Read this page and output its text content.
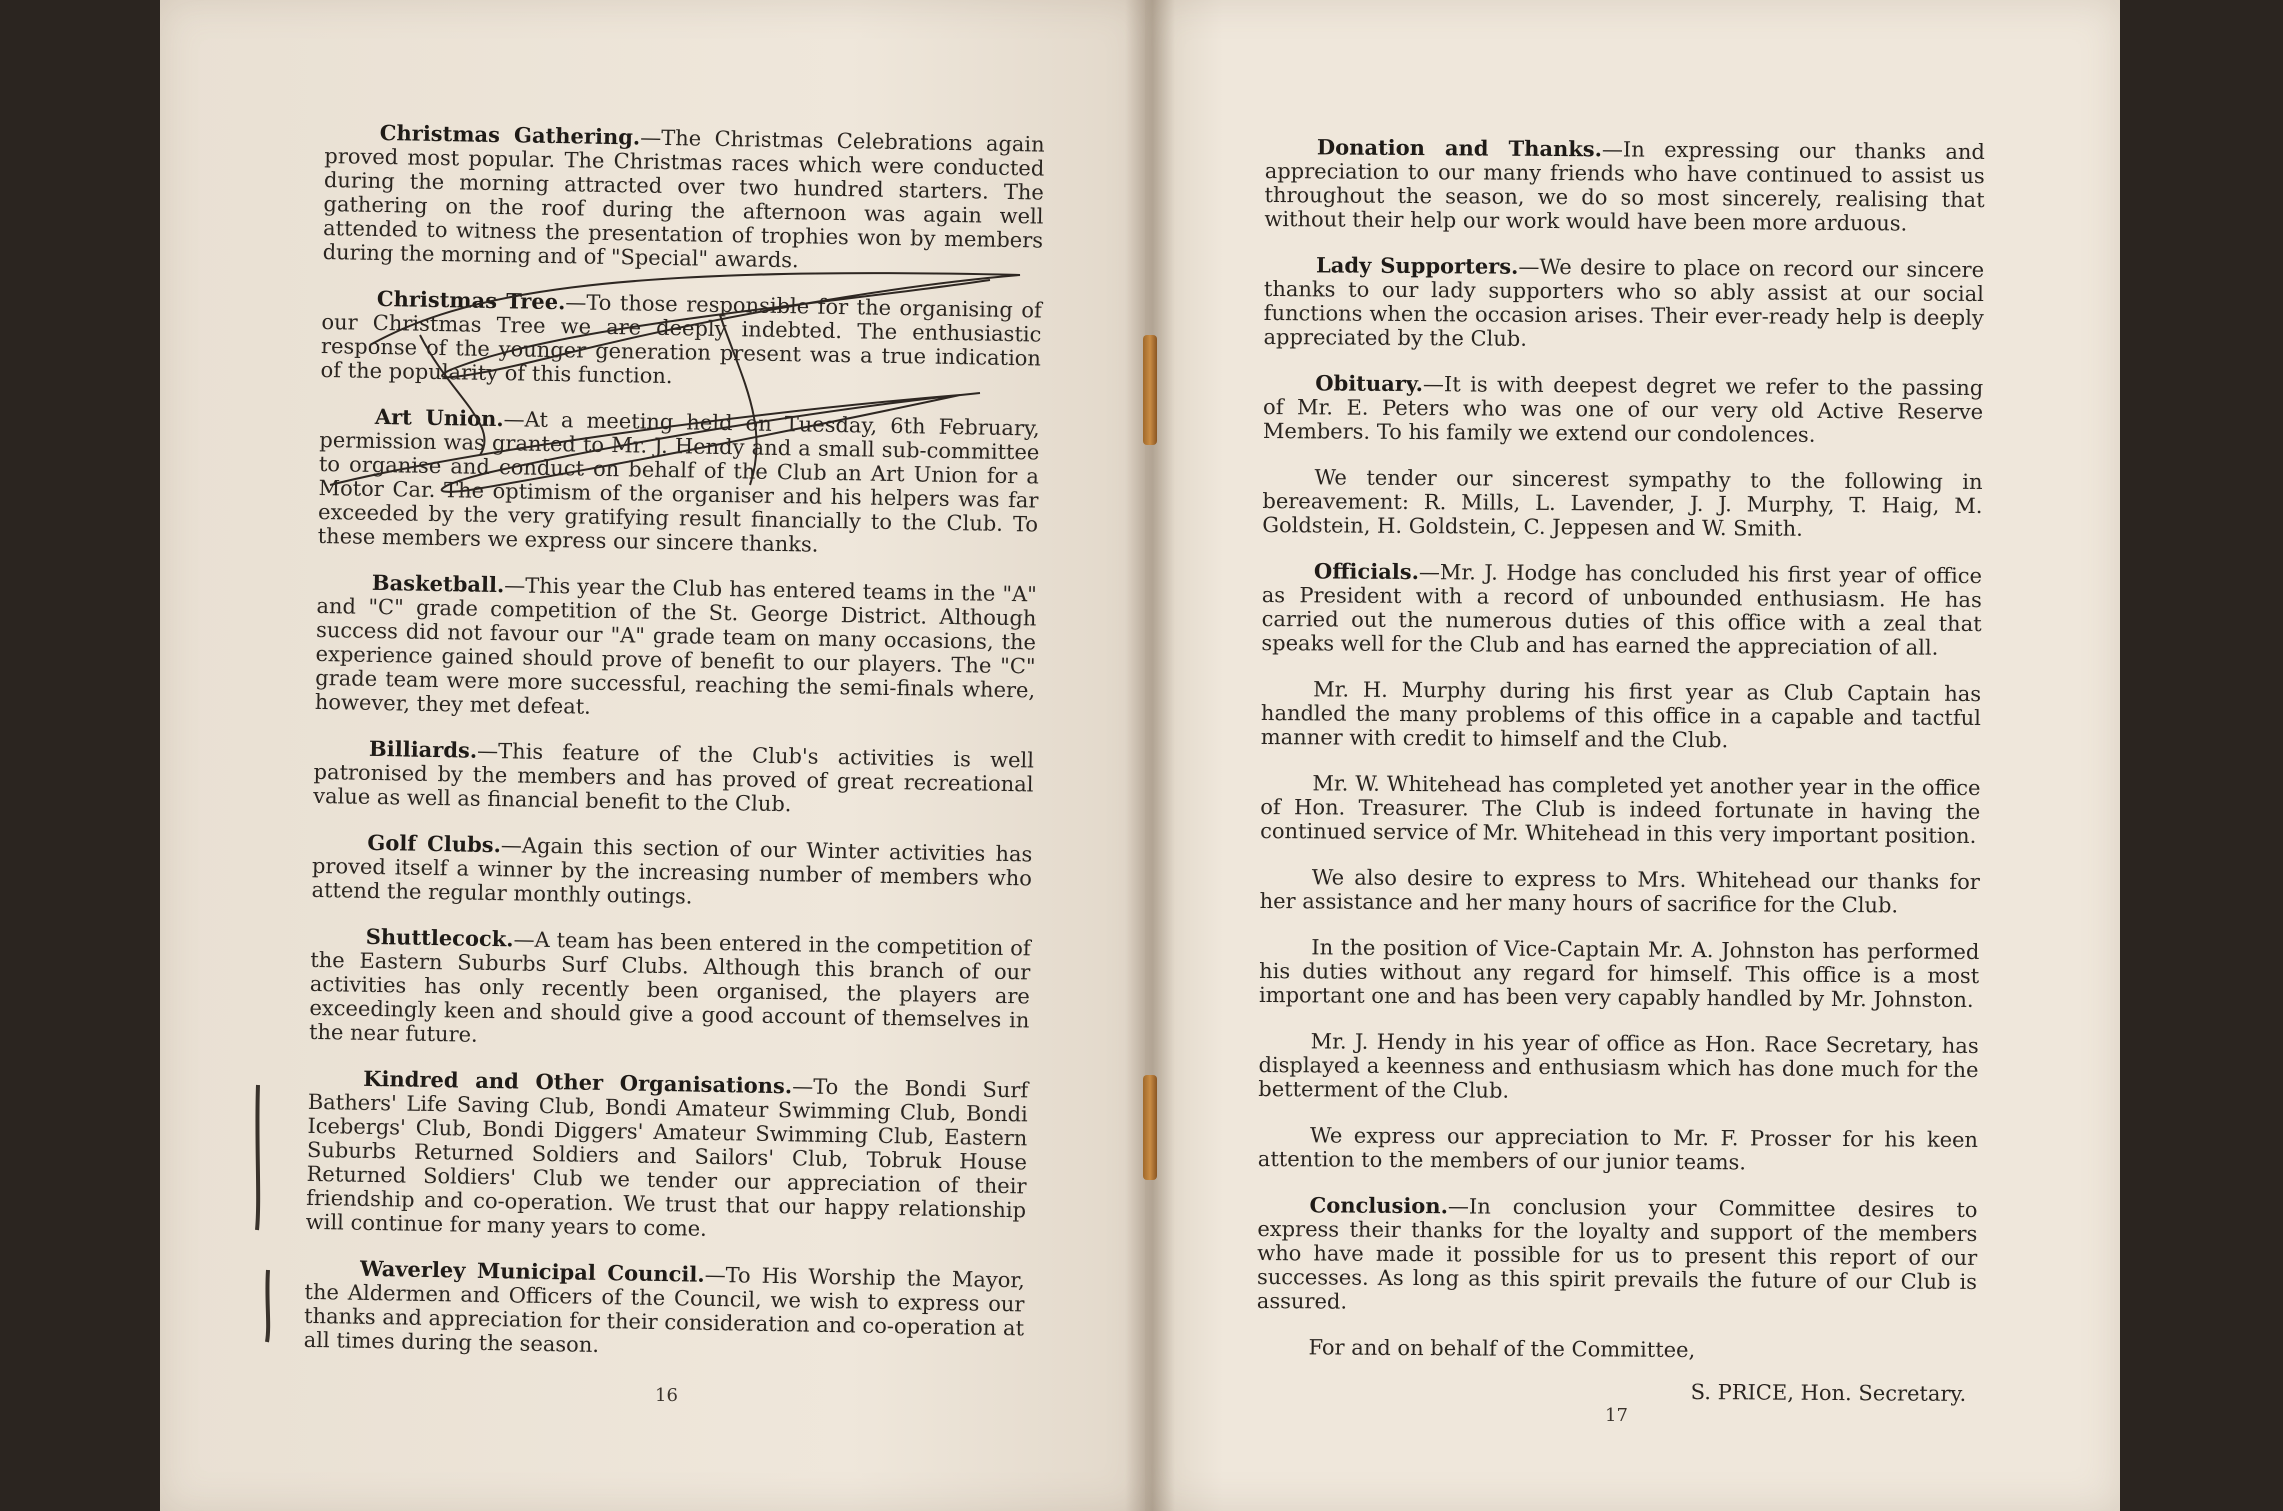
Christmas Gathering.—The Christmas Celebrations again proved most popular. The Christmas races which were conducted during the morning attracted over two hundred starters. The gathering on the roof during the afternoon was again well attended to witness the presentation of trophies won by members during the morning and of "Special" awards.

Christmas Tree.—To those responsible for the organising of our Christmas Tree we are deeply indebted. The enthusiastic response of the younger generation present was a true indication of the popularity of this function.

Art Union.—At a meeting held on Tuesday, 6th February, permission was granted to Mr. J. Hendy and a small sub-committee to organise and conduct on behalf of the Club an Art Union for a Motor Car. The optimism of the organiser and his helpers was far exceeded by the very gratifying result financially to the Club. To these members we express our sincere thanks.

Basketball.—This year the Club has entered teams in the "A" and "C" grade competition of the St. George District. Although success did not favour our "A" grade team on many occasions, the experience gained should prove of benefit to our players. The "C" grade team were more successful, reaching the semi-finals where, however, they met defeat.

Billiards.—This feature of the Club's activities is well patronised by the members and has proved of great recreational value as well as financial benefit to the Club.

Golf Clubs.—Again this section of our Winter activities has proved itself a winner by the increasing number of members who attend the regular monthly outings.

Shuttlecock.—A team has been entered in the competition of the Eastern Suburbs Surf Clubs. Although this branch of our activities has only recently been organised, the players are exceedingly keen and should give a good account of themselves in the near future.

Kindred and Other Organisations.—To the Bondi Surf Bathers' Life Saving Club, Bondi Amateur Swimming Club, Bondi Icebergs' Club, Bondi Diggers' Amateur Swimming Club, Eastern Suburbs Returned Soldiers and Sailors' Club, Tobruk House Returned Soldiers' Club we tender our appreciation of their friendship and co-operation. We trust that our happy relationship will continue for many years to come.

Waverley Municipal Council.—To His Worship the Mayor, the Aldermen and Officers of the Council, we wish to express our thanks and appreciation for their consideration and co-operation at all times during the season.

16

Donation and Thanks.—In expressing our thanks and appreciation to our many friends who have continued to assist us throughout the season, we do so most sincerely, realising that without their help our work would have been more arduous.

Lady Supporters.—We desire to place on record our sincere thanks to our lady supporters who so ably assist at our social functions when the occasion arises. Their ever-ready help is deeply appreciated by the Club.

Obituary.—It is with deepest degret we refer to the passing of Mr. E. Peters who was one of our very old Active Reserve Members. To his family we extend our condolences.

We tender our sincerest sympathy to the following in bereavement: R. Mills, L. Lavender, J. J. Murphy, T. Haig, M. Goldstein, H. Goldstein, C. Jeppesen and W. Smith.

Officials.—Mr. J. Hodge has concluded his first year of office as President with a record of unbounded enthusiasm. He has carried out the numerous duties of this office with a zeal that speaks well for the Club and has earned the appreciation of all.

Mr. H. Murphy during his first year as Club Captain has handled the many problems of this office in a capable and tactful manner with credit to himself and the Club.

Mr. W. Whitehead has completed yet another year in the office of Hon. Treasurer. The Club is indeed fortunate in having the continued service of Mr. Whitehead in this very important position.

We also desire to express to Mrs. Whitehead our thanks for her assistance and her many hours of sacrifice for the Club.

In the position of Vice-Captain Mr. A. Johnston has performed his duties without any regard for himself. This office is a most important one and has been very capably handled by Mr. Johnston.

Mr. J. Hendy in his year of office as Hon. Race Secretary, has displayed a keenness and enthusiasm which has done much for the betterment of the Club.

We express our appreciation to Mr. F. Prosser for his keen attention to the members of our junior teams.

Conclusion.—In conclusion your Committee desires to express their thanks for the loyalty and support of the members who have made it possible for us to present this report of our successes. As long as this spirit prevails the future of our Club is assured.

For and on behalf of the Committee,

S. PRICE, Hon. Secretary.

17
